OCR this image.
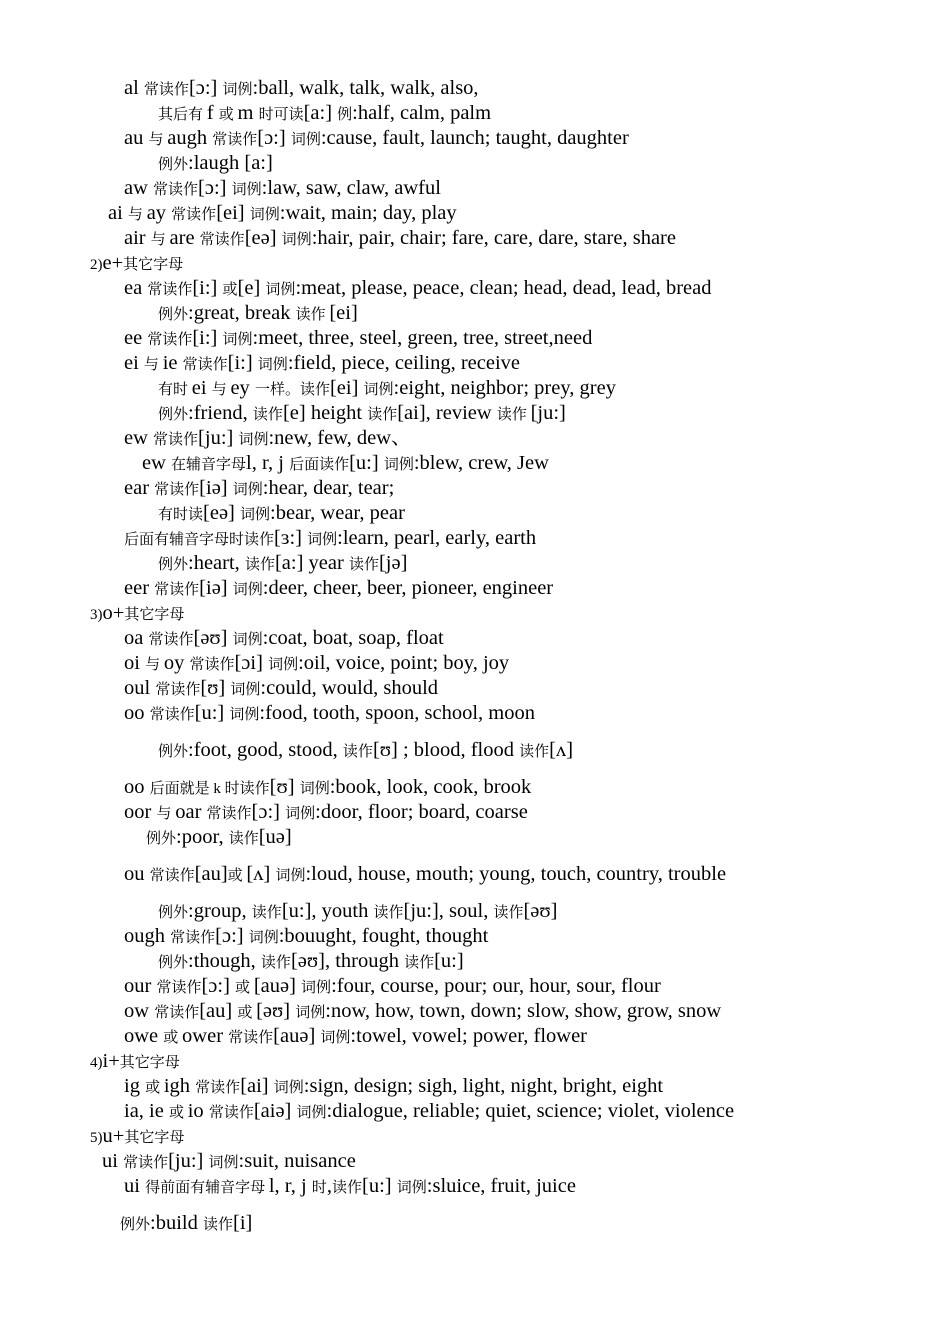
al 常读作[ɔ:] 词例:ball, walk, talk, walk, also,
其后有 f 或 m 时可读[a:] 例:half, calm, palm
au 与 augh 常读作[ɔ:] 词例:cause, fault, launch; taught, daughter
例外:laugh [a:]
aw 常读作[ɔ:] 词例:law, saw, claw, awful
ai 与 ay 常读作[ei] 词例:wait, main; day, play
air 与 are 常读作[eə] 词例:hair, pair, chair; fare, care, dare, stare, share
2)e+其它字母
ea 常读作[i:] 或[e] 词例:meat, please, peace, clean; head, dead, lead, bread
例外:great, break 读作 [ei]
ee 常读作[i:] 词例:meet, three, steel, green, tree, street,need
ei 与 ie 常读作[i:] 词例:field, piece, ceiling, receive
有时 ei 与 ey 一样。读作[ei] 词例:eight, neighbor; prey, grey
例外:friend, 读作[e] height 读作[ai], review 读作 [ju:]
ew 常读作[ju:] 词例:new, few, dew、
ew 在辅音字母l, r, j 后面读作[u:] 词例:blew, crew, Jew
ear 常读作[iə] 词例:hear, dear, tear;
有时读[eə] 词例:bear, wear, pear
后面有辅音字母时读作[ɜ:] 词例:learn, pearl, early, earth
例外:heart, 读作[a:] year 读作[jə]
eer 常读作[iə] 词例:deer, cheer, beer, pioneer, engineer
3)o+其它字母
oa 常读作[əʊ] 词例:coat, boat, soap, float
oi 与 oy 常读作[ɔi] 词例:oil, voice, point; boy, joy
oul 常读作[ʊ] 词例:could, would, should
oo 常读作[u:] 词例:food, tooth, spoon, school, moon
例外:foot, good, stood, 读作[ʊ] ; blood, flood 读作[ʌ]
oo 后面就是 k 时读作[ʊ] 词例:book, look, cook, brook
oor 与 oar 常读作[ɔ:] 词例:door, floor; board, coarse
例外:poor, 读作[uə]
ou 常读作[au]或 [ʌ] 词例:loud, house, mouth; young, touch, country, trouble
例外:group, 读作[u:], youth 读作[ju:], soul, 读作[əʊ]
ough 常读作[ɔ:] 词例:bouught, fought, thought
例外:though, 读作[əʊ], through 读作[u:]
our 常读作[ɔ:] 或 [auə] 词例:four, course, pour; our, hour, sour, flour
ow 常读作[au] 或 [əʊ] 词例:now, how, town, down; slow, show, grow, snow
owe 或 ower 常读作[auə] 词例:towel, vowel; power, flower
4)i+其它字母
ig 或 igh 常读作[ai] 词例:sign, design; sigh, light, night, bright, eight
ia, ie 或 io 常读作[aiə] 词例:dialogue, reliable; quiet, science; violet, violence
5)u+其它字母
ui 常读作[ju:] 词例:suit, nuisance
ui 得前面有辅音字母 l, r, j 时,读作[u:] 词例:sluice, fruit, juice
例外:build 读作[i]
